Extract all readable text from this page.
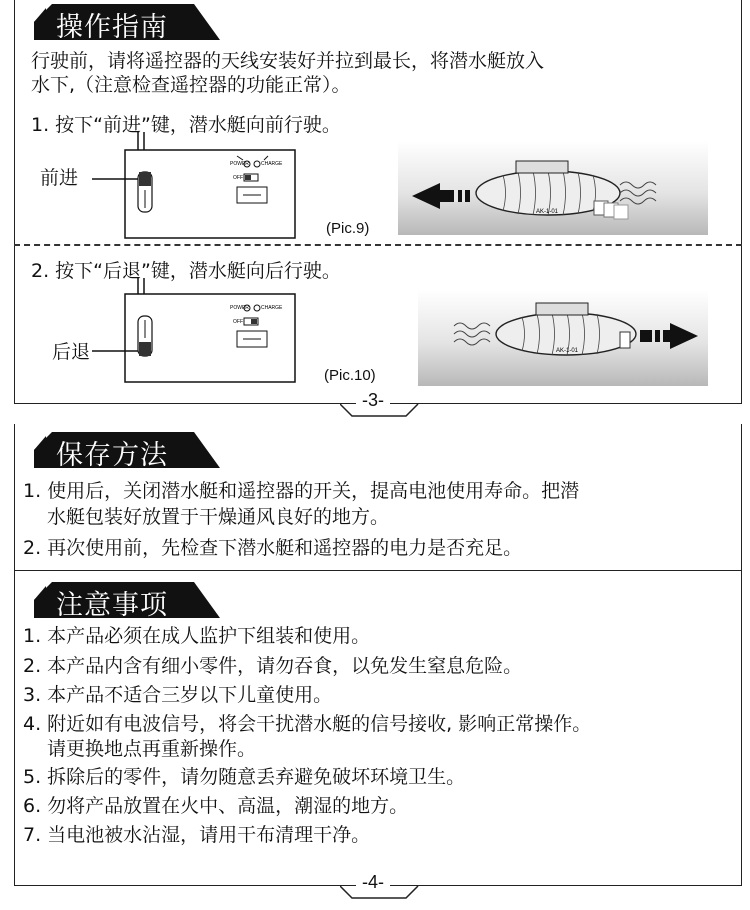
操作指南
行驶前，请将遥控器的天线安装好并拉到最长，将潜水艇放入
水下,（注意检查遥控器的功能正常）。
1. 按下“前进”键，潜水艇向前行驶。
POWER CHARGE
OFF
前进
(Pic.9)
AK-1-01
2. 按下“后退”键，潜水艇向后行驶。
POWER CHARGE
OFF
后退
(Pic.10)
AK-1-01
-3-
保存方法
1. 使用后，关闭潜水艇和遥控器的开关，提高电池使用寿命。把潜
水艇包装好放置于干燥通风良好的地方。
2. 再次使用前，先检查下潜水艇和遥控器的电力是否充足。
注意事项
1. 本产品必须在成人监护下组装和使用。
2. 本产品内含有细小零件，请勿吞食，以免发生窒息危险。
3. 本产品不适合三岁以下儿童使用。
4. 附近如有电波信号，将会干扰潜水艇的信号接收, 影响正常操作。
请更换地点再重新操作。
5. 拆除后的零件，请勿随意丢弃避免破坏环境卫生。
6. 勿将产品放置在火中、高温，潮湿的地方。
7. 当电池被水沾湿，请用干布清理干净。
-4-
